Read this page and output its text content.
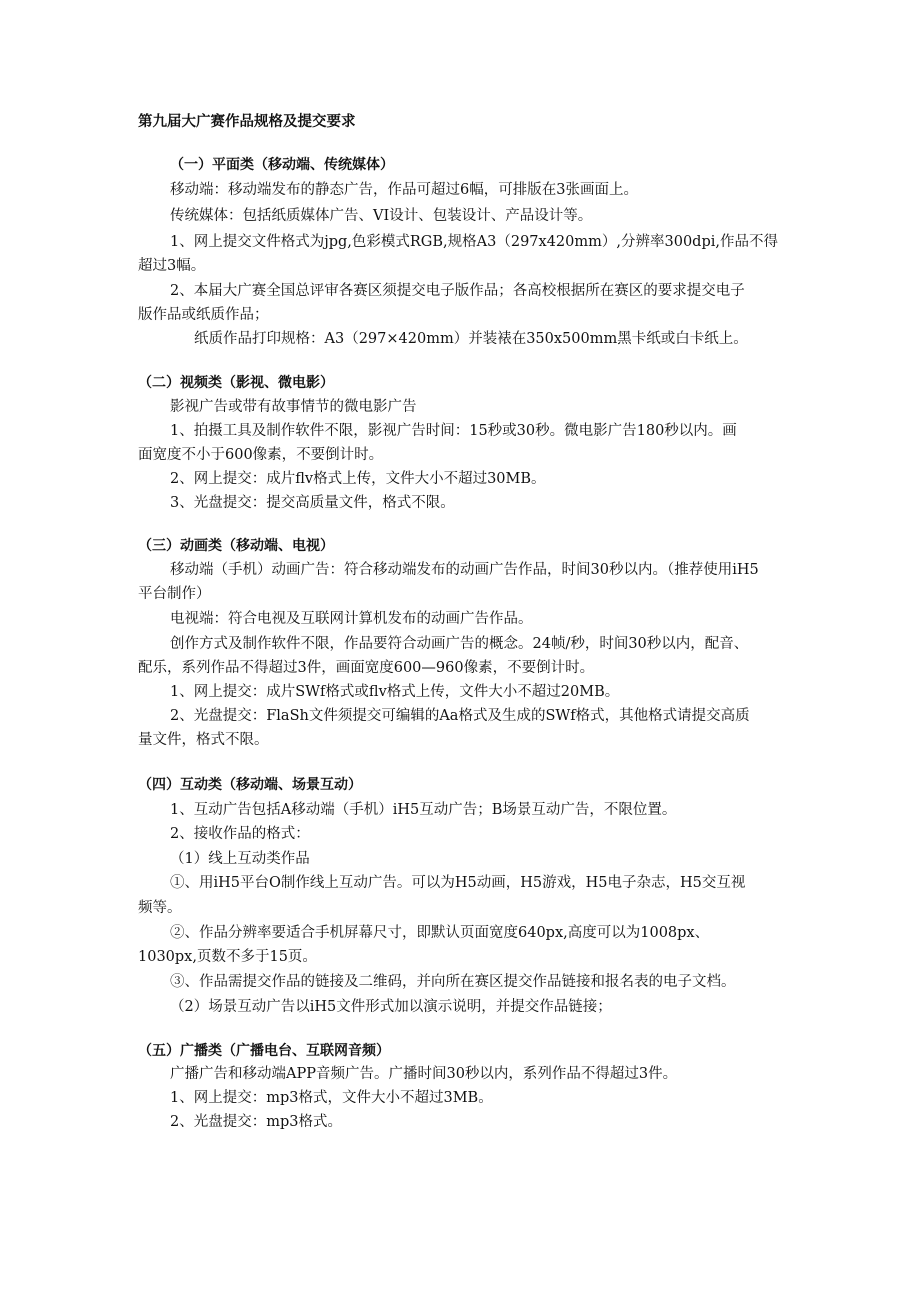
第九届大广赛作品规格及提交要求
（一）平面类（移动端、传统媒体）
移动端：移动端发布的静态广告，作品可超过6幅，可排版在3张画面上。
传统媒体：包括纸质媒体广告、VI设计、包装设计、产品设计等。
1、网上提交文件格式为jpg,色彩模式RGB,规格A3（297x420mm）,分辨率300dpi,作品不得
超过3幅。
2、本届大广赛全国总评审各赛区须提交电子版作品；各高校根据所在赛区的要求提交电子
版作品或纸质作品；
纸质作品打印规格：A3（297×420mm）并装裱在350x500mm黑卡纸或白卡纸上。
（二）视频类（影视、微电影）
影视广告或带有故事情节的微电影广告
1、拍摄工具及制作软件不限，影视广告时间：15秒或30秒。微电影广告180秒以内。画
面宽度不小于600像素，不要倒计时。
2、网上提交：成片flv格式上传，文件大小不超过30MB。
3、光盘提交：提交高质量文件，格式不限。
（三）动画类（移动端、电视）
移动端（手机）动画广告：符合移动端发布的动画广告作品，时间30秒以内。（推荐使用iH5
平台制作）
电视端：符合电视及互联网计算机发布的动画广告作品。
创作方式及制作软件不限，作品要符合动画广告的概念。24帧/秒，时间30秒以内，配音、
配乐，系列作品不得超过3件，画面宽度600—960像素，不要倒计时。
1、网上提交：成片SWf格式或flv格式上传，文件大小不超过20MB。
2、光盘提交：FlaSh文件须提交可编辑的Aa格式及生成的SWf格式，其他格式请提交高质
量文件，格式不限。
（四）互动类（移动端、场景互动）
1、互动广告包括A移动端（手机）iH5互动广告；B场景互动广告，不限位置。
2、接收作品的格式：
（1）线上互动类作品
①、用iH5平台O制作线上互动广告。可以为H5动画，H5游戏，H5电子杂志，H5交互视
频等。
②、作品分辨率要适合手机屏幕尺寸，即默认页面宽度640px,高度可以为1008px、
1030px,页数不多于15页。
③、作品需提交作品的链接及二维码，并向所在赛区提交作品链接和报名表的电子文档。
（2）场景互动广告以iH5文件形式加以演示说明，并提交作品链接；
（五）广播类（广播电台、互联网音频）
广播广告和移动端APP音频广告。广播时间30秒以内，系列作品不得超过3件。
1、网上提交：mp3格式，文件大小不超过3MB。
2、光盘提交：mp3格式。
